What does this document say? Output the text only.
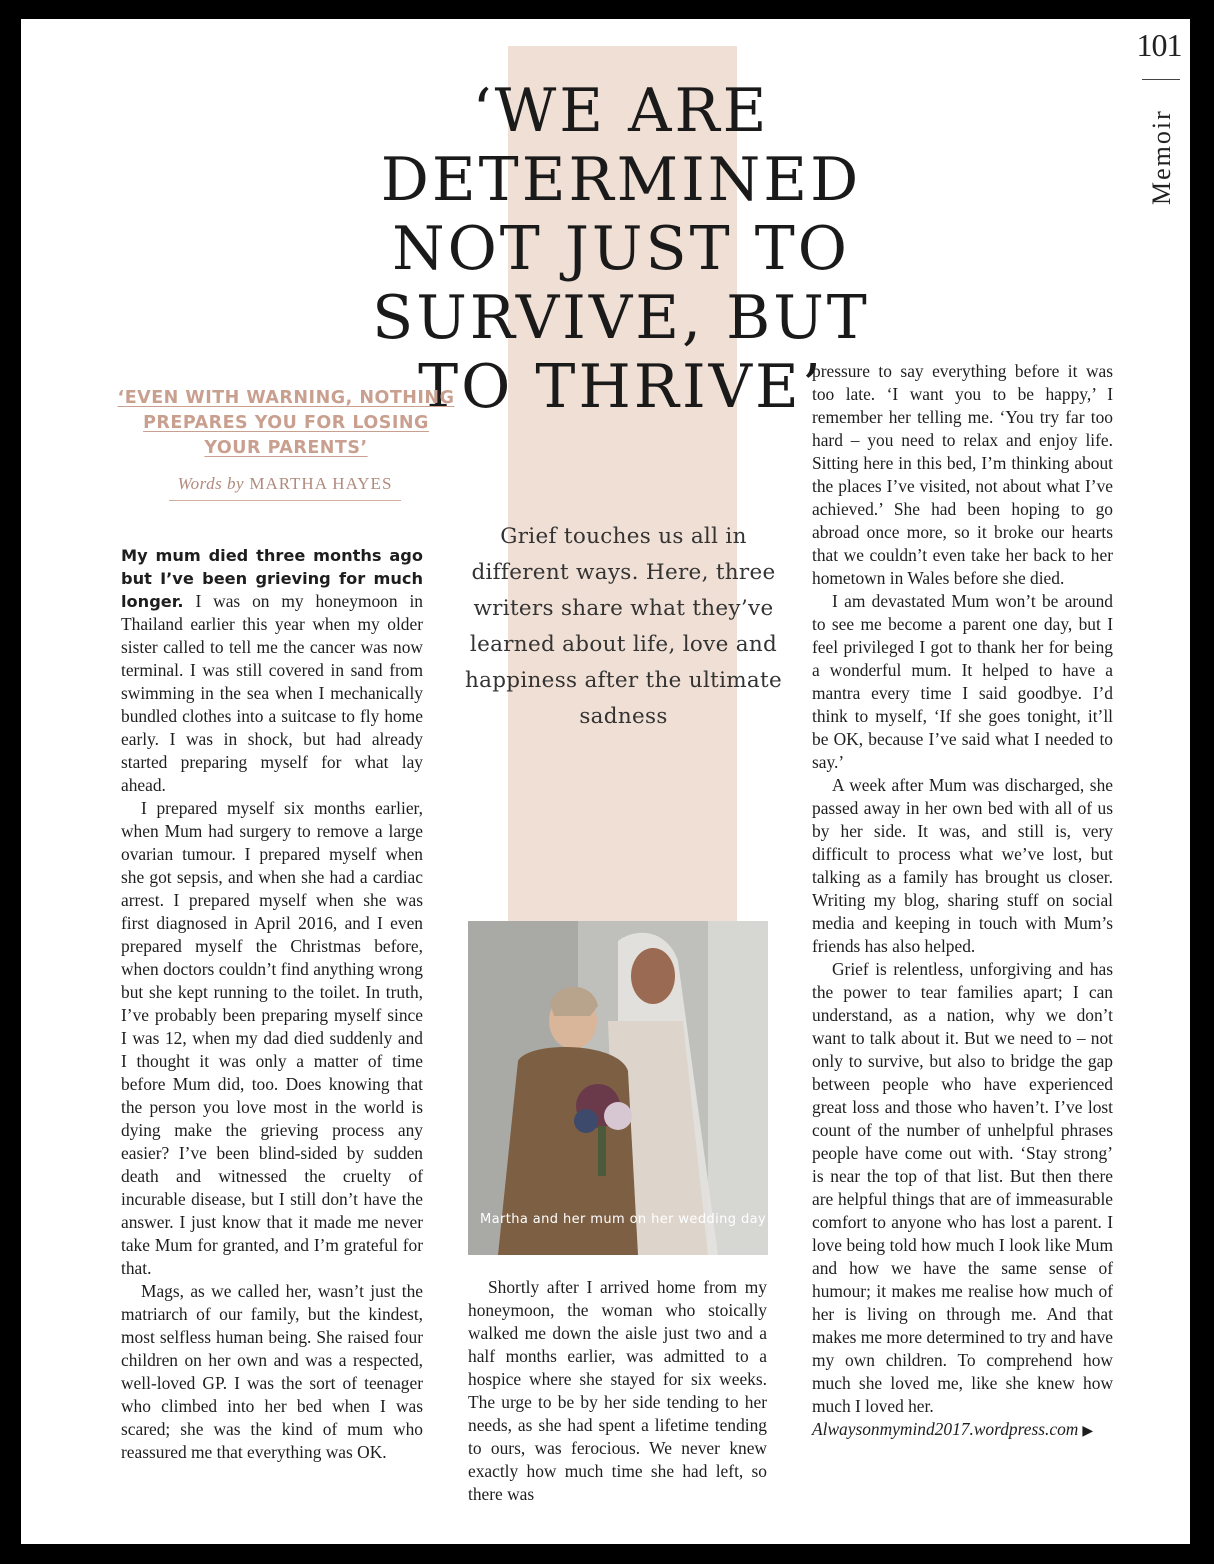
101
Memoir
‘WE ARE DETERMINED NOT JUST TO SURVIVE, BUT TO THRIVE’
Grief touches us all in different ways. Here, three writers share what they’ve learned about life, love and happiness after the ultimate sadness
‘EVEN WITH WARNING, NOTHING PREPARES YOU FOR LOSING YOUR PARENTS’
Words by MARTHA HAYES

My mum died three months ago but I’ve been grieving for much longer. I was on my honeymoon in Thailand earlier this year when my older sister called to tell me the cancer was now terminal. I was still covered in sand from swimming in the sea when I mechanically bundled clothes into a suitcase to fly home early. I was in shock, but had already started preparing myself for what lay ahead.

I prepared myself six months earlier, when Mum had surgery to remove a large ovarian tumour. I prepared myself when she got sepsis, and when she had a cardiac arrest. I prepared myself when she was first diagnosed in April 2016, and I even prepared myself the Christmas before, when doctors couldn’t find anything wrong but she kept running to the toilet. In truth, I’ve probably been preparing myself since I was 12, when my dad died suddenly and I thought it was only a matter of time before Mum did, too. Does knowing that the person you love most in the world is dying make the grieving process any easier? I’ve been blind-sided by sudden death and witnessed the cruelty of incurable disease, but I still don’t have the answer. I just know that it made me never take Mum for granted, and I’m grateful for that.

Mags, as we called her, wasn’t just the matriarch of our family, but the kindest, most selfless human being. She raised four children on her own and was a respected, well-loved GP. I was the sort of teenager who climbed into her bed when I was scared; she was the kind of mum who reassured me that everything was OK.

Martha and her mum on her wedding day

Shortly after I arrived home from my honeymoon, the woman who stoically walked me down the aisle just two and a half months earlier, was admitted to a hospice where she stayed for six weeks. The urge to be by her side tending to her needs, as she had spent a lifetime tending to ours, was ferocious. We never knew exactly how much time she had left, so there was

pressure to say everything before it was too late. ‘I want you to be happy,’ I remember her telling me. ‘You try far too hard – you need to relax and enjoy life. Sitting here in this bed, I’m thinking about the places I’ve visited, not about what I’ve achieved.’ She had been hoping to go abroad once more, so it broke our hearts that we couldn’t even take her back to her hometown in Wales before she died.

I am devastated Mum won’t be around to see me become a parent one day, but I feel privileged I got to thank her for being a wonderful mum. It helped to have a mantra every time I said goodbye. I’d think to myself, ‘If she goes tonight, it’ll be OK, because I’ve said what I needed to say.’

A week after Mum was discharged, she passed away in her own bed with all of us by her side. It was, and still is, very difficult to process what we’ve lost, but talking as a family has brought us closer. Writing my blog, sharing stuff on social media and keeping in touch with Mum’s friends has also helped.

Grief is relentless, unforgiving and has the power to tear families apart; I can understand, as a nation, why we don’t want to talk about it. But we need to – not only to survive, but also to bridge the gap between people who have experienced great loss and those who haven’t. I’ve lost count of the number of unhelpful phrases people have come out with. ‘Stay strong’ is near the top of that list. But then there are helpful things that are of immeasurable comfort to anyone who has lost a parent. I love being told how much I look like Mum and how we have the same sense of humour; it makes me realise how much of her is living on through me. And that makes me more determined to try and have my own children. To comprehend how much she loved me, like she knew how much I loved her.

Alwaysonmymind2017.wordpress.com ▶
